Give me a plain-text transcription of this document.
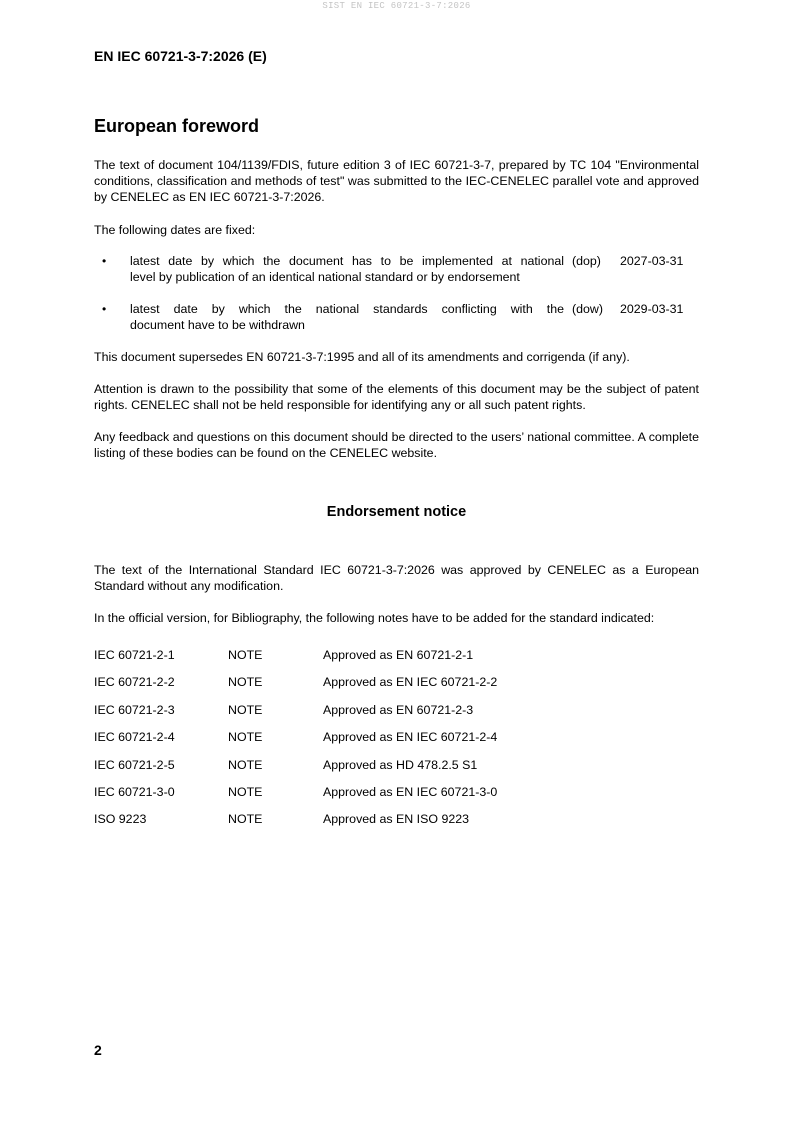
SIST EN IEC 60721-3-7:2026
EN IEC 60721-3-7:2026 (E)
European foreword

The text of document 104/1139/FDIS, future edition 3 of IEC 60721-3-7, prepared by TC 104 "Environmental conditions, classification and methods of test" was submitted to the IEC-CENELEC parallel vote and approved by CENELEC as EN IEC 60721-3-7:2026.

The following dates are fixed:

• latest date by which the document has to be implemented at national
level by publication of an identical national standard or by endorsement
(dop) 2027-03-31
• latest date by which the national standards conflicting with the
document have to be withdrawn
(dow) 2029-03-31

This document supersedes EN 60721-3-7:1995 and all of its amendments and corrigenda (if any).

Attention is drawn to the possibility that some of the elements of this document may be the subject of patent rights. CENELEC shall not be held responsible for identifying any or all such patent rights.

Any feedback and questions on this document should be directed to the users’ national committee. A complete listing of these bodies can be found on the CENELEC website.

Endorsement notice

The text of the International Standard IEC 60721-3-7:2026 was approved by CENELEC as a European Standard without any modification.

In the official version, for Bibliography, the following notes have to be added for the standard indicated:

IEC 60721-2-1	NOTE	Approved as EN 60721-2-1
IEC 60721-2-2	NOTE	Approved as EN IEC 60721-2-2
IEC 60721-2-3	NOTE	Approved as EN 60721-2-3
IEC 60721-2-4	NOTE	Approved as EN IEC 60721-2-4
IEC 60721-2-5	NOTE	Approved as HD 478.2.5 S1
IEC 60721-3-0	NOTE	Approved as EN IEC 60721-3-0
ISO 9223	NOTE	Approved as EN ISO 9223
2
